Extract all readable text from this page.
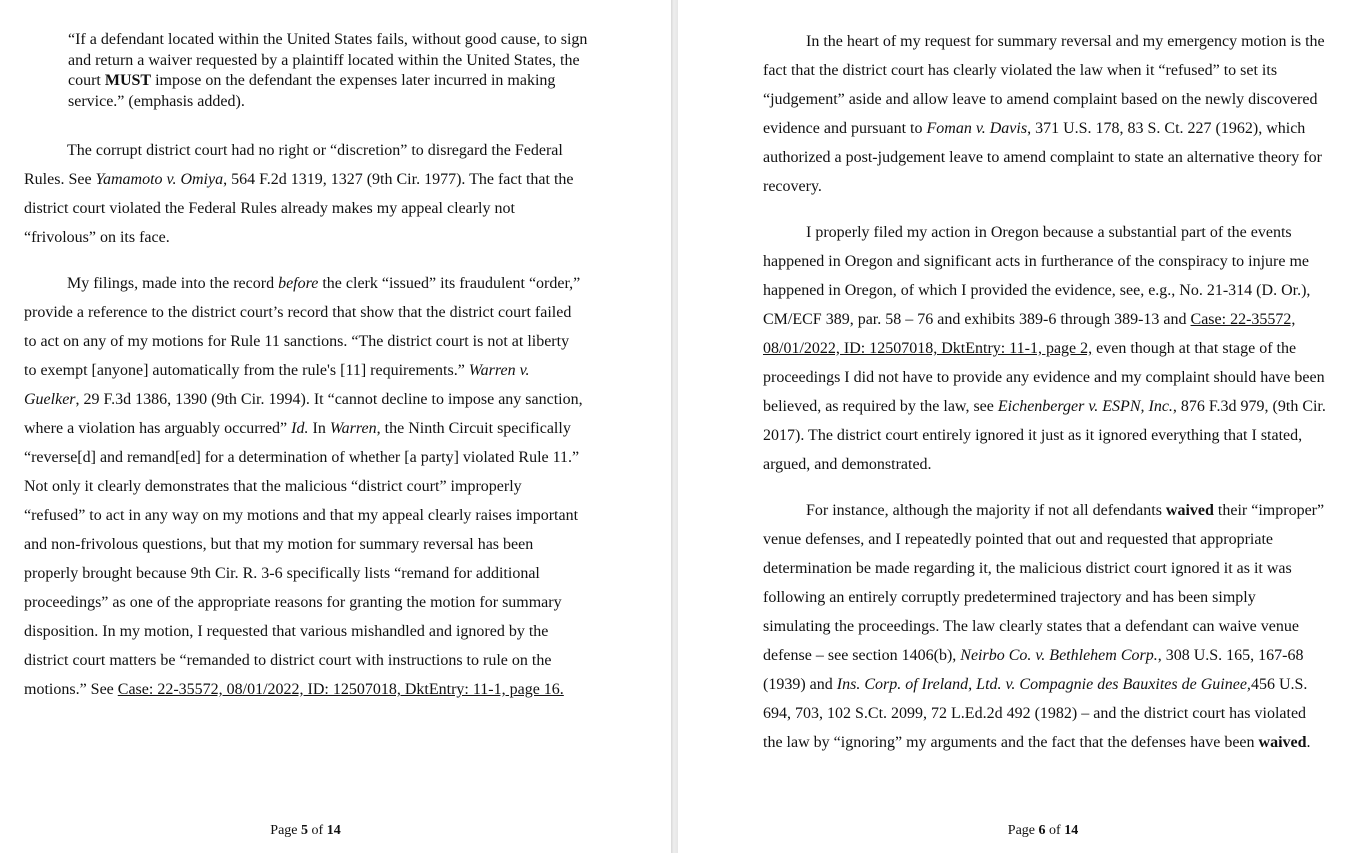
“If a defendant located within the United States fails, without good cause, to sign and return a waiver requested by a plaintiff located within the United States, the court MUST impose on the defendant the expenses later incurred in making service.” (emphasis added).

The corrupt district court had no right or “discretion” to disregard the Federal Rules. See Yamamoto v. Omiya, 564 F.2d 1319, 1327 (9th Cir. 1977). The fact that the district court violated the Federal Rules already makes my appeal clearly not “frivolous” on its face.

My filings, made into the record before the clerk “issued” its fraudulent “order,” provide a reference to the district court’s record that show that the district court failed to act on any of my motions for Rule 11 sanctions. “The district court is not at liberty to exempt [anyone] automatically from the rule's [11] requirements.” Warren v. Guelker, 29 F.3d 1386, 1390 (9th Cir. 1994). It “cannot decline to impose any sanction, where a violation has arguably occurred” Id. In Warren, the Ninth Circuit specifically “reverse[d] and remand[ed] for a determination of whether [a party] violated Rule 11.” Not only it clearly demonstrates that the malicious “district court” improperly “refused” to act in any way on my motions and that my appeal clearly raises important and non-frivolous questions, but that my motion for summary reversal has been properly brought because 9th Cir. R. 3-6 specifically lists “remand for additional proceedings” as one of the appropriate reasons for granting the motion for summary disposition. In my motion, I requested that various mishandled and ignored by the district court matters be “remanded to district court with instructions to rule on the motions.” See Case: 22-35572, 08/01/2022, ID: 12507018, DktEntry: 11-1, page 16.

Page 5 of 14

In the heart of my request for summary reversal and my emergency motion is the fact that the district court has clearly violated the law when it “refused” to set its “judgement” aside and allow leave to amend complaint based on the newly discovered evidence and pursuant to Foman v. Davis, 371 U.S. 178, 83 S. Ct. 227 (1962), which authorized a post-judgement leave to amend complaint to state an alternative theory for recovery.

I properly filed my action in Oregon because a substantial part of the events happened in Oregon and significant acts in furtherance of the conspiracy to injure me happened in Oregon, of which I provided the evidence, see, e.g., No. 21-314 (D. Or.), CM/ECF 389, par. 58 – 76 and exhibits 389-6 through 389-13 and Case: 22-35572, 08/01/2022, ID: 12507018, DktEntry: 11-1, page 2, even though at that stage of the proceedings I did not have to provide any evidence and my complaint should have been believed, as required by the law, see Eichenberger v. ESPN, Inc., 876 F.3d 979, (9th Cir. 2017). The district court entirely ignored it just as it ignored everything that I stated, argued, and demonstrated.

For instance, although the majority if not all defendants waived their “improper” venue defenses, and I repeatedly pointed that out and requested that appropriate determination be made regarding it, the malicious district court ignored it as it was following an entirely corruptly predetermined trajectory and has been simply simulating the proceedings. The law clearly states that a defendant can waive venue defense – see section 1406(b), Neirbo Co. v. Bethlehem Corp., 308 U.S. 165, 167-68 (1939) and Ins. Corp. of Ireland, Ltd. v. Compagnie des Bauxites de Guinee,456 U.S. 694, 703, 102 S.Ct. 2099, 72 L.Ed.2d 492 (1982) – and the district court has violated the law by “ignoring” my arguments and the fact that the defenses have been waived.

Page 6 of 14
